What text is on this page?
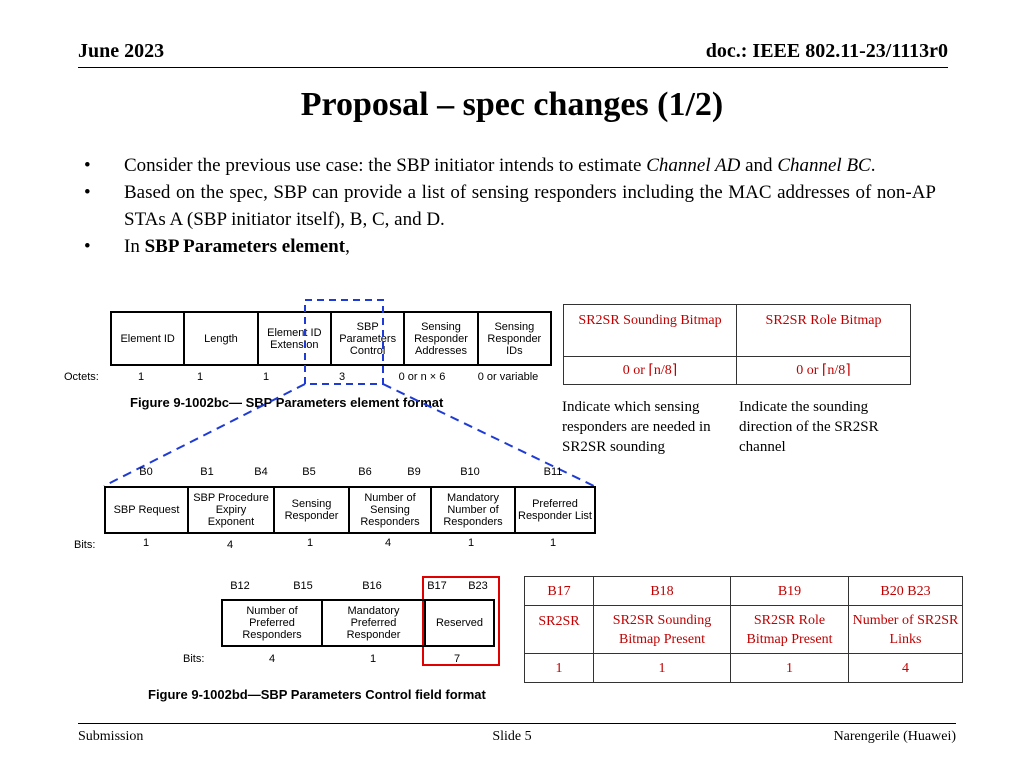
June 2023	doc.: IEEE 802.11-23/1113r0
Proposal – spec changes (1/2)
• Consider the previous use case: the SBP initiator intends to estimate Channel AD and Channel BC.
• Based on the spec, SBP can provide a list of sensing responders including the MAC addresses of non-AP STAs A (SBP initiator itself), B, C, and D.
• In SBP Parameters element,
Element ID	Length	Element ID Extension	SBP Parameters Control	Sensing Responder Addresses	Sensing Responder IDs
Octets:	1	1	1	3	0 or n × 6	0 or variable
Figure 9-1002bc— SBP Parameters element format
B0	B1	B4	B5	B6	B9	B10	B11
SBP Request	SBP Procedure Expiry Exponent	Sensing Responder	Number of Sensing Responders	Mandatory Number of Responders	Preferred Responder List
Bits:	1	4	1	4	1	1
B12	B15	B16	B17 B23
Number of Preferred Responders	Mandatory Preferred Responder	Reserved
Bits:	4	1	7
Figure 9-1002bd—SBP Parameters Control field format
SR2SR Sounding Bitmap	SR2SR Role Bitmap
0 or ⌈n/8⌉	0 or ⌈n/8⌉
Indicate which sensing responders are needed in SR2SR sounding
Indicate the sounding direction of the SR2SR channel
B17	B18	B19	B20 B23
SR2SR	SR2SR Sounding Bitmap Present	SR2SR Role Bitmap Present	Number of SR2SR Links
1	1	1	4
Submission	Slide 5	Narengerile (Huawei)
